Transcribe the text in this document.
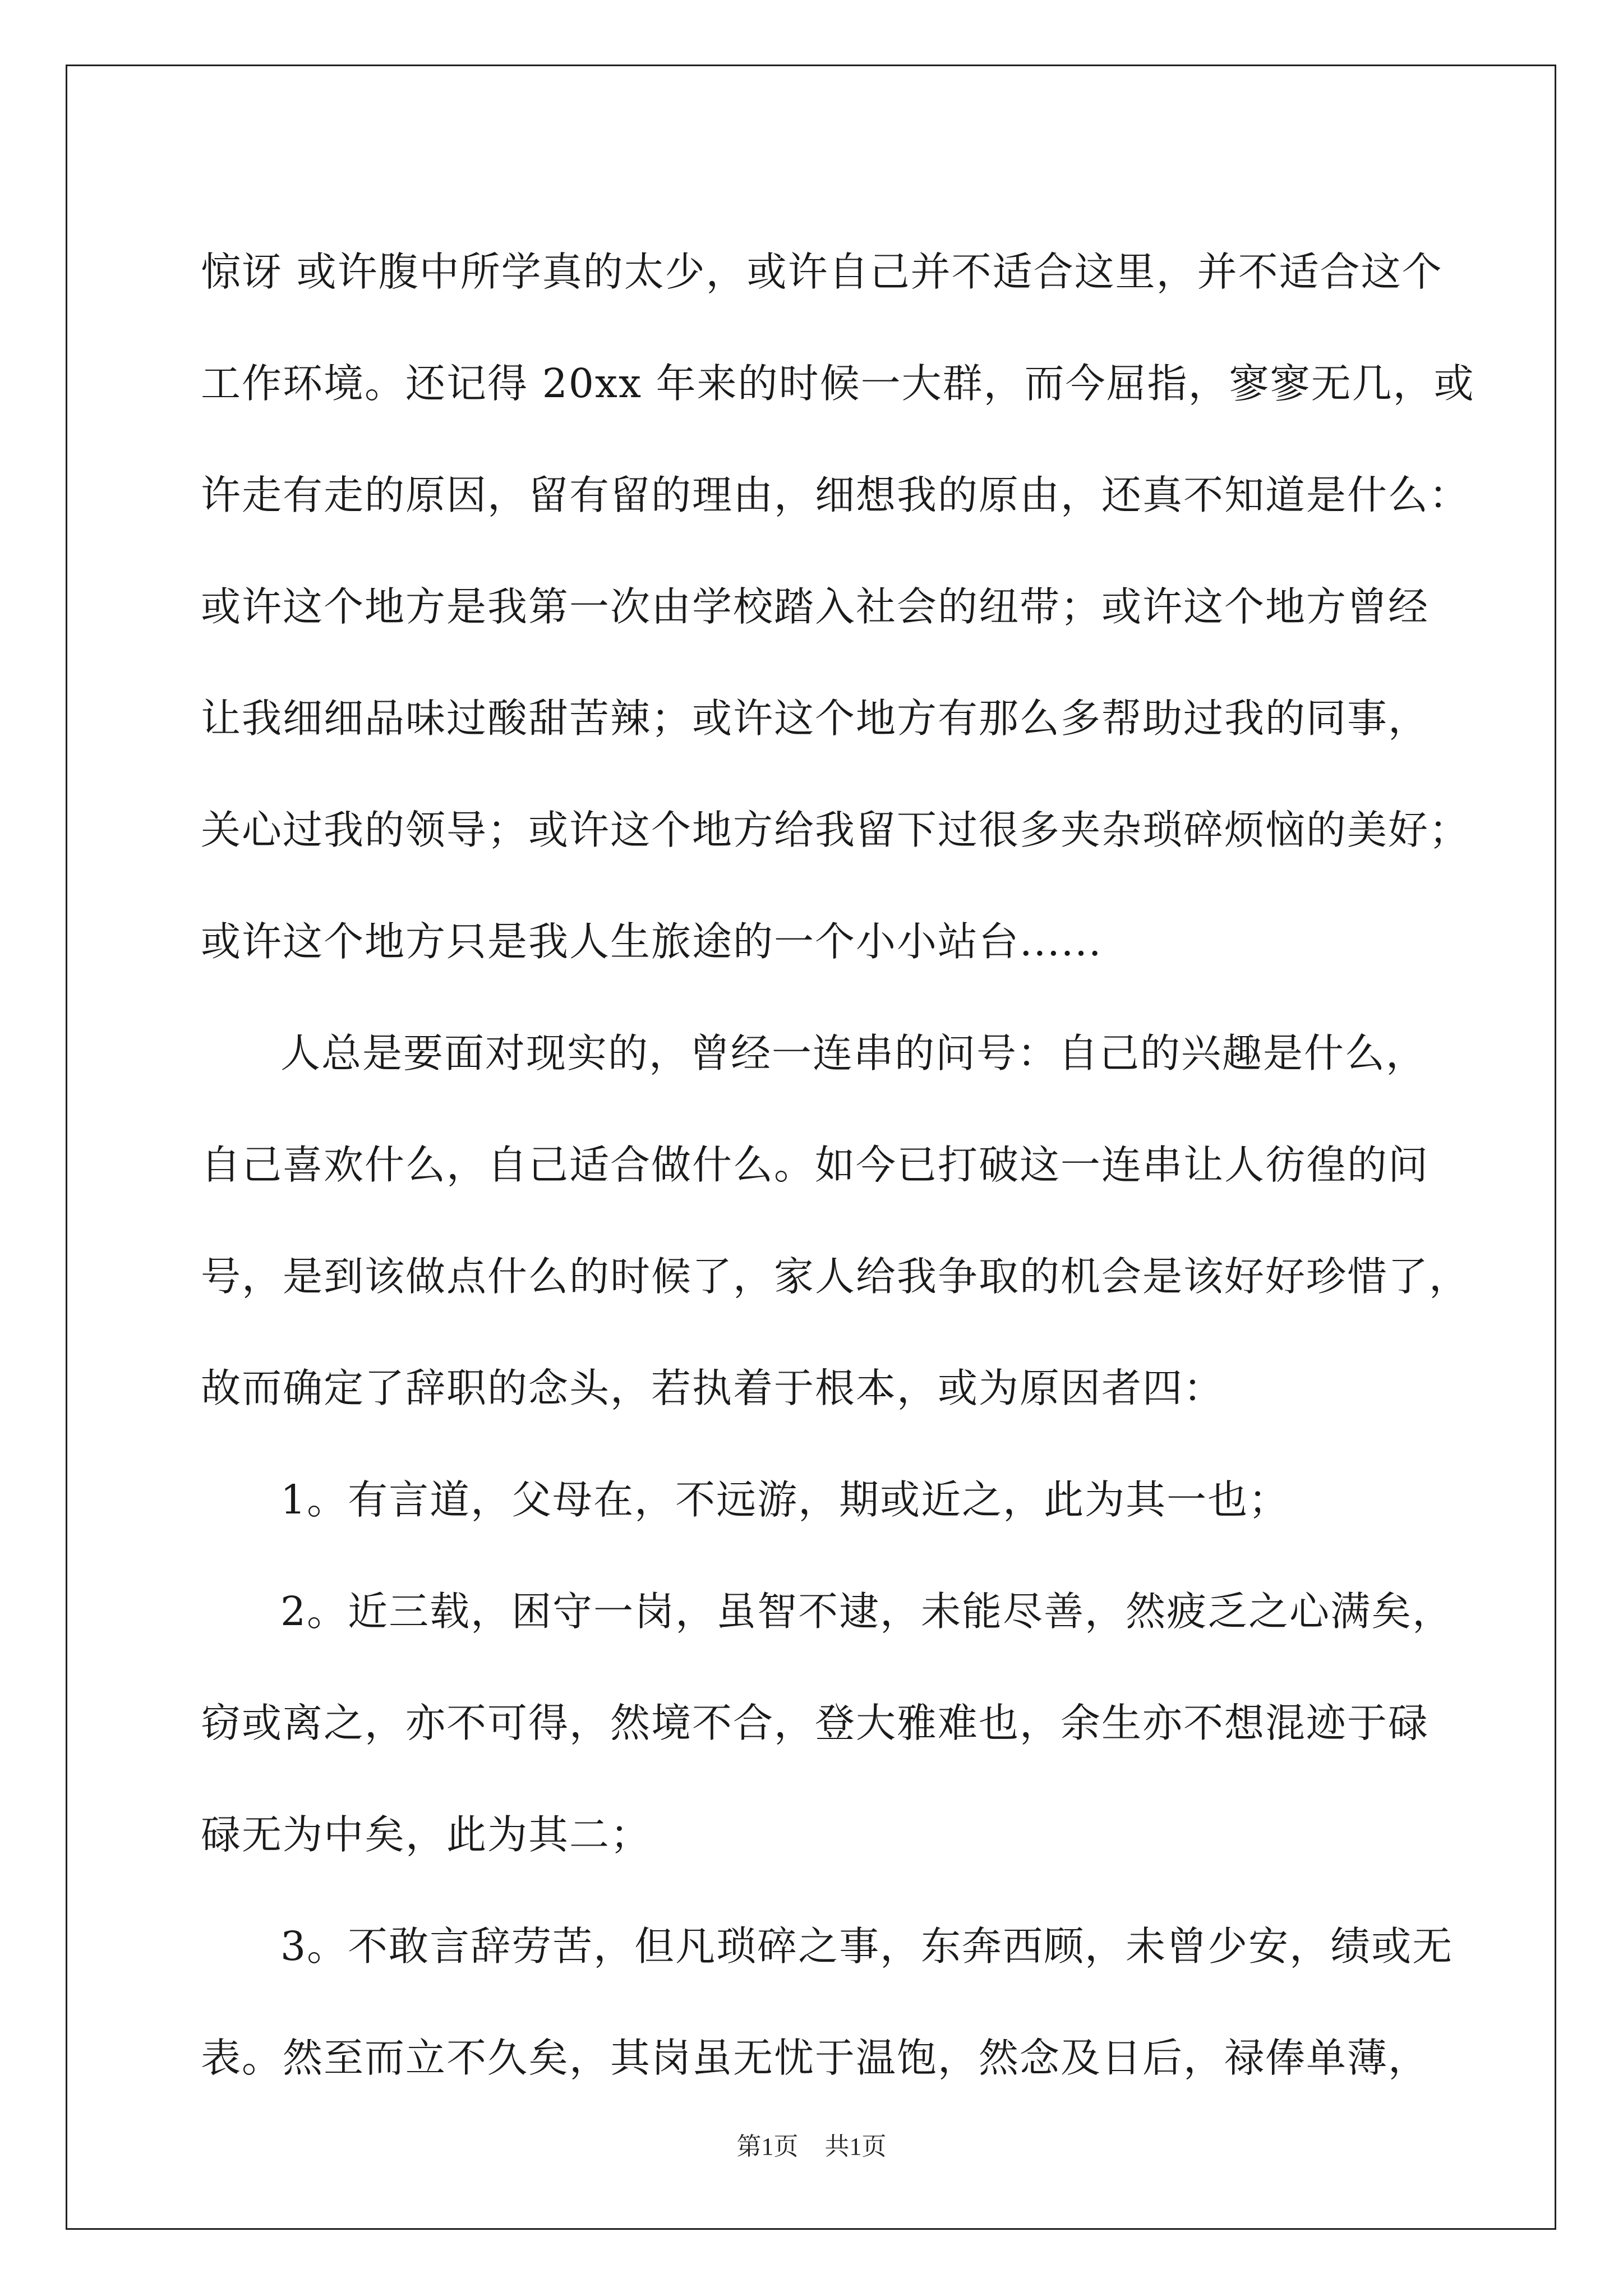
惊讶 或许腹中所学真的太少，或许自己并不适合这里，并不适合这个
工作环境。还记得 20xx 年来的时候一大群，而今屈指，寥寥无几，或
许走有走的原因，留有留的理由，细想我的原由，还真不知道是什么：
或许这个地方是我第一次由学校踏入社会的纽带；或许这个地方曾经
让我细细品味过酸甜苦辣；或许这个地方有那么多帮助过我的同事，
关心过我的领导；或许这个地方给我留下过很多夹杂琐碎烦恼的美好；
或许这个地方只是我人生旅途的一个小小站台......
人总是要面对现实的，曾经一连串的问号：自己的兴趣是什么，
自己喜欢什么，自己适合做什么。如今已打破这一连串让人彷徨的问
号，是到该做点什么的时候了，家人给我争取的机会是该好好珍惜了，
故而确定了辞职的念头，若执着于根本，或为原因者四：
1。有言道，父母在，不远游，期或近之，此为其一也；
2。近三载，困守一岗，虽智不逮，未能尽善，然疲乏之心满矣，
窃或离之，亦不可得，然境不合，登大雅难也，余生亦不想混迹于碌
碌无为中矣，此为其二；
3。不敢言辞劳苦，但凡琐碎之事，东奔西顾，未曾少安，绩或无
表。然至而立不久矣，其岗虽无忧于温饱，然念及日后，禄俸单薄，
第1页 共1页
